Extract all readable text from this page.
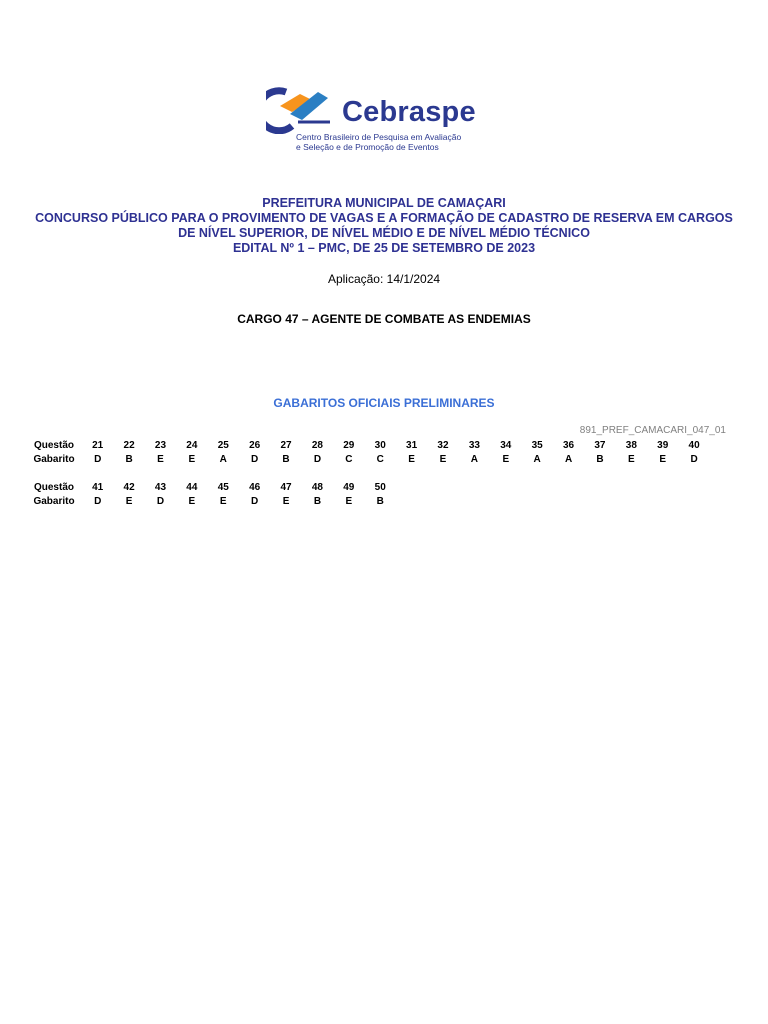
Cebraspe
Centro Brasileiro de Pesquisa em Avaliação
e Seleção e de Promoção de Eventos
PREFEITURA MUNICIPAL DE CAMAÇARI
CONCURSO PÚBLICO PARA O PROVIMENTO DE VAGAS E A FORMAÇÃO DE CADASTRO DE RESERVA EM CARGOS
DE NÍVEL SUPERIOR, DE NÍVEL MÉDIO E DE NÍVEL MÉDIO TÉCNICO
EDITAL Nº 1 – PMC, DE 25 DE SETEMBRO DE 2023
Aplicação: 14/1/2024
CARGO 47 – AGENTE DE COMBATE AS ENDEMIAS
GABARITOS OFICIAIS PRELIMINARES
891_PREF_CAMACARI_047_01
Questão	21	22	23	24	25	26	27	28	29	30	31	32	33	34	35	36	37	38	39	40
Gabarito	D	B	E	E	A	D	B	D	C	C	E	E	A	E	A	A	B	E	E	D
Questão	41	42	43	44	45	46	47	48	49	50
Gabarito	D	E	D	E	E	D	E	B	E	B
